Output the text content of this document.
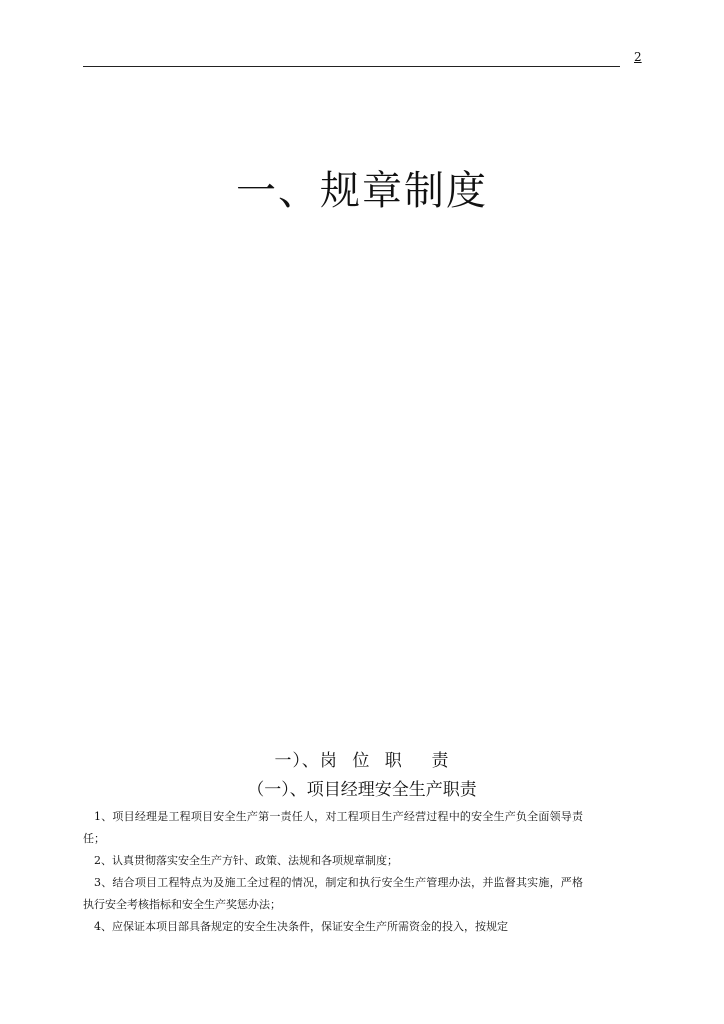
2
一、规章制度
一）、岗 位 职  责
（一）、项目经理安全生产职责

1、项目经理是工程项目安全生产第一责任人，对工程项目生产经营过程中的安全生产负全面领导责任；

2、认真贯彻落实安全生产方针、政策、法规和各项规章制度；

3、结合项目工程特点为及施工全过程的情况，制定和执行安全生产管理办法，并监督其实施，严格执行安全考核指标和安全生产奖惩办法；

4、应保证本项目部具备规定的安全生决条件，保证安全生产所需资金的投入，按规定
